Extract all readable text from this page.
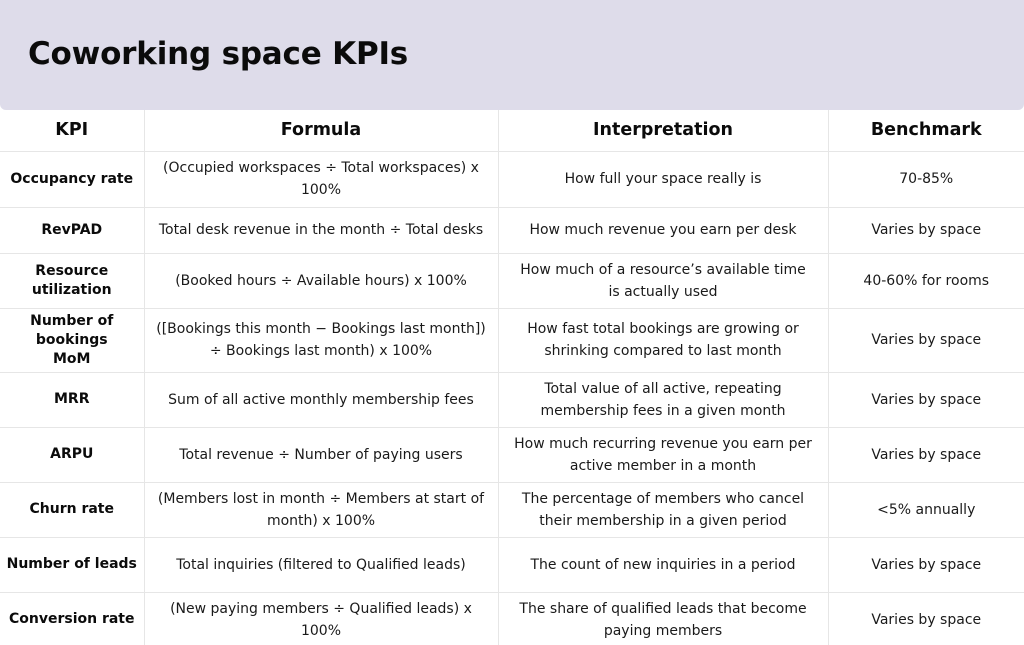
Coworking space KPIs
KPI	Formula	Interpretation	Benchmark
Occupancy rate	(Occupied workspaces ÷ Total workspaces) x 100%	How full your space really is	70-85%
RevPAD	Total desk revenue in the month ÷ Total desks	How much revenue you earn per desk	Varies by space
Resource utilization	(Booked hours ÷ Available hours) x 100%	How much of a resource’s available time is actually used	40-60% for rooms
Number of bookings MoM	([Bookings this month − Bookings last month]) ÷ Bookings last month) x 100%	How fast total bookings are growing or shrinking compared to last month	Varies by space
MRR	Sum of all active monthly membership fees	Total value of all active, repeating membership fees in a given month	Varies by space
ARPU	Total revenue ÷ Number of paying users	How much recurring revenue you earn per active member in a month	Varies by space
Churn rate	(Members lost in month ÷ Members at start of month) x 100%	The percentage of members who cancel their membership in a given period	<5% annually
Number of leads	Total inquiries (filtered to Qualified leads)	The count of new inquiries in a period	Varies by space
Conversion rate	(New paying members ÷ Qualified leads) x 100%	The share of qualified leads that become paying members	Varies by space
